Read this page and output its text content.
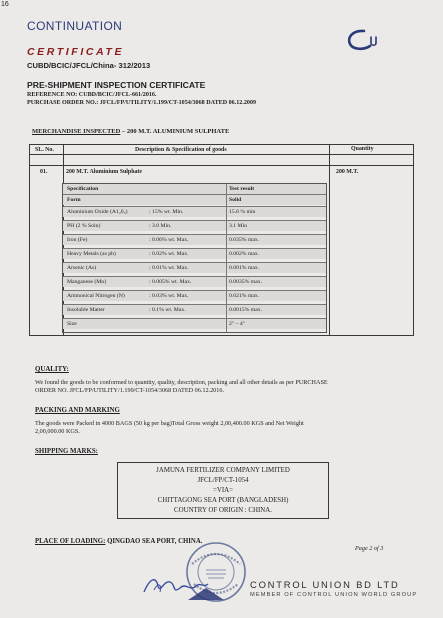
16
CONTINUATION
CERTIFICATE
CUBD/BCIC/JFCL/China- 312/2013
PRE-SHIPMENT INSPECTION CERTIFICATE
REFERENCE NO: CUBD/BCIC/JFCL-661/2016.
PURCHASE ORDER NO.: JFCL/FP/UTILITY/1.199/CT-1054/3068 DATED 06.12.2009
MERCHANDISE INSPECTED – 200 M.T. ALUMINIUM SULPHATE
SL. No.	Description & Specification of goods	Quantity
01.	200 M.T. Aluminium Sulphate	200 M.T.
Specification	Test result
Form	Solid
Aluminium Oxide (A1₂0₃)	: 15% wt. Min.	15.6 % min
PH (2 % Soln)	: 3.0 Min.	3.1 Min
Iron (Fe)	: 0.06% wt. Max.	0.035% max.
Heavy Metals (as pb)	: 0.02% wt. Max.	0.002% max.
Arsenic (As)	: 0.01% wt. Max.	0.001% max.
Manganese (Mn)	: 0.005% wt. Max.	0.0035% max.
Ammonical Nitrogen (N)	: 0.03% wt. Max.	0.021% max.
Insoluble Matter	: 0.1% wt. Max.	0.0015% max.
Size	2" – 4"
QUALITY:
We found the goods to be conformed to quantity, quality, description, packing and all other details as per PURCHASE
ORDER NO. JFCL/FP/UTILITY/1.199/CT-1054/3068 DATED 06.12.2016.
PACKING AND MARKING
The goods were Packed in 4000 BAGS (50 kg per bag)Total Gross weight 2,00,400.00 KGS and Net Weight
2,00,000.00 KGS.
SHIPPING MARKS:
JAMUNA FERTILIZER COMPANY LIMITED
JFCL/FP/CT-1054
=VIA=
CHITTAGONG SEA PORT (BANGLADESH)
COUNTRY OF ORIGIN : CHINA.
PLACE OF LOADING: QINGDAO SEA PORT, CHINA.
Page 2 of 3
CONTROL UNION BD LTD
MEMBER OF CONTROL UNION WORLD GROUP
